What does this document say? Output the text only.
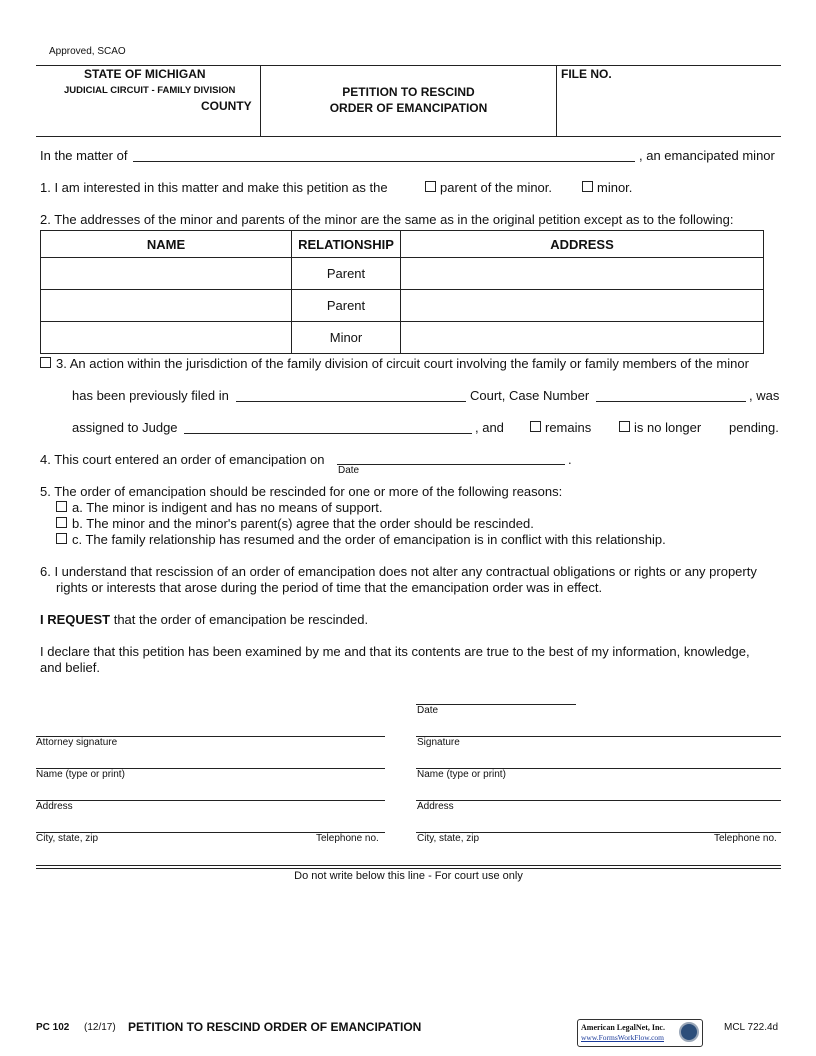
Approved, SCAO
STATE OF MICHIGAN
JUDICIAL CIRCUIT - FAMILY DIVISION
COUNTY
PETITION TO RESCIND
ORDER OF EMANCIPATION
FILE NO.
In the matter of	, an emancipated minor
1. I am interested in this matter and make this petition as the	parent of the minor.	minor.
2. The addresses of the minor and parents of the minor are the same as in the original petition except as to the following:
NAME	RELATIONSHIP	ADDRESS
	Parent	
	Parent	
	Minor	
3. An action within the jurisdiction of the family division of circuit court involving the family or family members of the minor
has been previously filed in	Court, Case Number	, was
assigned to Judge	, and	remains	is no longer pending.
4. This court entered an order of emancipation on	.
Date
5. The order of emancipation should be rescinded for one or more of the following reasons:
a. The minor is indigent and has no means of support.
b. The minor and the minor's parent(s) agree that the order should be rescinded.
c. The family relationship has resumed and the order of emancipation is in conflict with this relationship.
6. I understand that rescission of an order of emancipation does not alter any contractual obligations or rights or any property
rights or interests that arose during the period of time that the emancipation order was in effect.
I REQUEST that the order of emancipation be rescinded.
I declare that this petition has been examined by me and that its contents are true to the best of my information, knowledge,
and belief.
Date
Attorney signature	Signature
Name (type or print)	Name (type or print)
Address	Address
City, state, zip	Telephone no.	City, state, zip	Telephone no.
Do not write below this line - For court use only
PC 102 (12/17) PETITION TO RESCIND ORDER OF EMANCIPATION	American LegalNet, Inc.
www.FormsWorkFlow.com
MCL 722.4d
